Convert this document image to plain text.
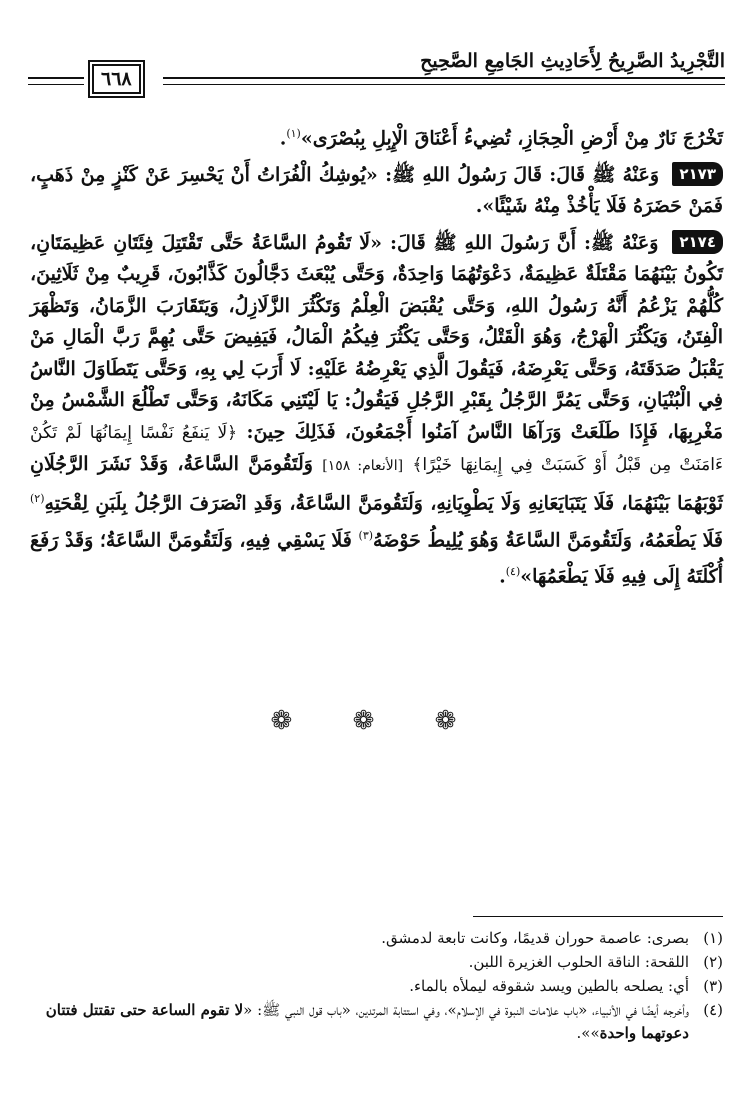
التَّجْرِيدُ الصَّرِيحُ لِأَحَادِيثِ الجَامِعِ الصَّحِيحِ
٦٦٨

تَخْرُجَ نَارٌ مِنْ أَرْضِ الْحِجَازِ، تُضِيءُ أَعْنَاقَ الْإِبِلِ بِبُصْرَى»$^{(١)}$.

٢١٧٣ وَعَنْهُ ﷺ قَالَ: قَالَ رَسُولُ اللهِ ﷺ: «يُوشِكُ الْفُرَاتُ أَنْ يَحْسِرَ عَنْ كَنْزٍ مِنْ ذَهَبٍ، فَمَنْ حَضَرَهُ فَلَا يَأْخُذْ مِنْهُ شَيْئًا».

٢١٧٤ وَعَنْهُ ﷺ: أَنَّ رَسُولَ اللهِ ﷺ قَالَ: «لَا تَقُومُ السَّاعَةُ حَتَّى تَقْتَتِلَ فِئَتَانِ عَظِيمَتَانِ، تَكُونُ بَيْنَهُمَا مَقْتَلَةٌ عَظِيمَةٌ، دَعْوَتُهُمَا وَاحِدَةٌ، وَحَتَّى يُبْعَثَ دَجَّالُونَ كَذَّابُونَ، قَرِيبٌ مِنْ ثَلَاثِينَ، كُلُّهُمْ يَزْعُمُ أَنَّهُ رَسُولُ اللهِ، وَحَتَّى يُقْبَضَ الْعِلْمُ وَتَكْثُرَ الزَّلَازِلُ، وَيَتَقَارَبَ الزَّمَانُ، وَتَظْهَرَ الْفِتَنُ، وَيَكْثُرَ الْهَرْجُ، وَهُوَ الْقَتْلُ، وَحَتَّى يَكْثُرَ فِيكُمُ الْمَالُ، فَيَفِيضَ حَتَّى يُهِمَّ رَبَّ الْمَالِ مَنْ يَقْبَلُ صَدَقَتَهُ، وَحَتَّى يَعْرِضَهُ، فَيَقُولَ الَّذِي يَعْرِضُهُ عَلَيْهِ: لَا أَرَبَ لِي بِهِ، وَحَتَّى يَتَطَاوَلَ النَّاسُ فِي الْبُنْيَانِ، وَحَتَّى يَمُرَّ الرَّجُلُ بِقَبْرِ الرَّجُلِ فَيَقُولُ: يَا لَيْتَنِي مَكَانَهُ، وَحَتَّى تَطْلُعَ الشَّمْسُ مِنْ مَغْرِبِهَا، فَإِذَا طَلَعَتْ وَرَآهَا النَّاسُ آمَنُوا أَجْمَعُونَ، فَذَلِكَ حِينَ: ﴿لَا يَنفَعُ نَفْسًا إِيمَانُهَا لَمْ تَكُنْ ءَامَنَتْ مِن قَبْلُ أَوْ كَسَبَتْ فِي إِيمَانِهَا خَيْرًا﴾ [الأنعام: ١٥٨] وَلَتَقُومَنَّ السَّاعَةُ، وَقَدْ نَشَرَ الرَّجُلَانِ ثَوْبَهُمَا بَيْنَهُمَا، فَلَا يَتَبَايَعَانِهِ وَلَا يَطْوِيَانِهِ، وَلَتَقُومَنَّ السَّاعَةُ، وَقَدِ انْصَرَفَ الرَّجُلُ بِلَبَنِ لِقْحَتِهِ$^{(٢)}$ فَلَا يَطْعَمُهُ، وَلَتَقُومَنَّ السَّاعَةُ وَهُوَ يُلِيطُ حَوْضَهُ$^{(٣)}$ فَلَا يَسْقِي فِيهِ، وَلَتَقُومَنَّ السَّاعَةُ؛ وَقَدْ رَفَعَ أُكْلَتَهُ إِلَى فِيهِ فَلَا يَطْعَمُهَا»$^{(٤)}$.

❁ ❁ ❁
(١)
بصرى: عاصمة حوران قديمًا، وكانت تابعة لدمشق.
(٢)
اللقحة: الناقة الحلوب الغزيرة اللبن.
(٣)
أي: يصلحه بالطين ويسد شقوقه ليملأه بالماء.
(٤)
وأخرجه أيضًا في الأنبياء، «باب علامات النبوة في الإسلام»، وفي استتابة المرتدين، «باب قول النبي ﷺ: «لا تقوم الساعة حتى تقتتل فتتان دعوتهما واحدة»».
